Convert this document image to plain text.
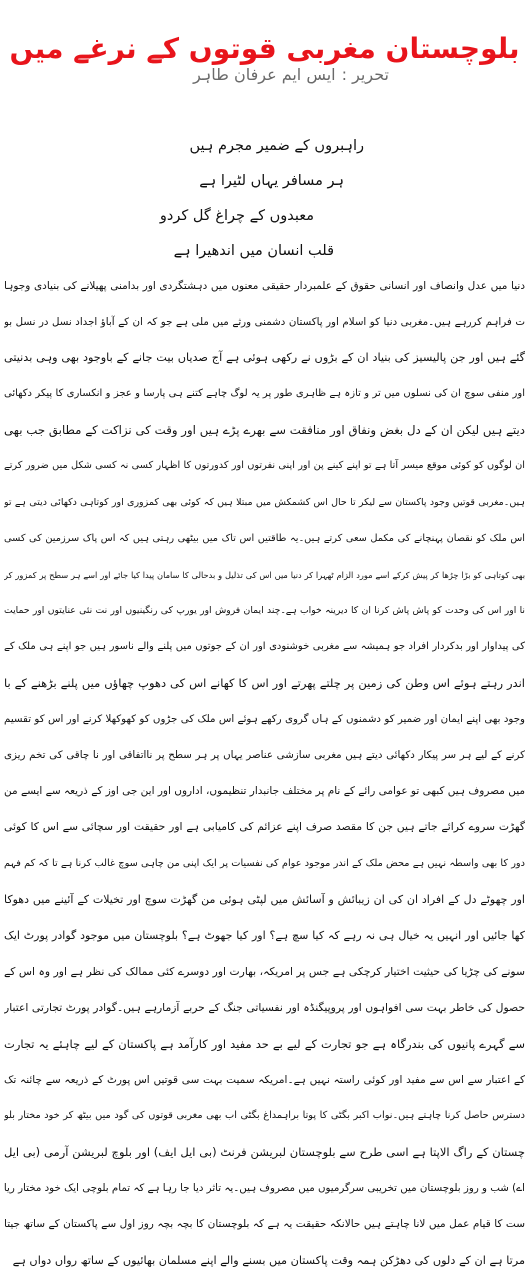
بلوچستان مغربی قوتوں کے نرغے میں
تحریر :ایس ایم عرفان طاہر
راہبروں کے ضمیر مجرم ہیں
ہر مسافر یہاں لٹیرا ہے
معبدوں کے چراغ گل کردو
قلب انسان میں اندھیرا ہے
دنیا میں عدل وانصاف اور انسانی حقوق کے علمبردار حقیقی معنوں میں دہشتگردی اور بدامنی پھیلانے کی بنیادی وجوہا
ت فراہم کررہے ہیں۔مغربی دنیا کو اسلام اور پاکستان دشمنی ورثے میں ملی ہے جو کہ ان کے آباؤ اجداد نسل در نسل بو
گئے ہیں اور جن پالیسیز کی بنیاد ان کے بڑوں نے رکھی ہوئی ہے آج صدیاں بیت جانے کے باوجود بھی وہی بدنیتی
اور منفی سوچ ان کی نسلوں میں تر و تازہ ہے ظاہری طور پر یہ لوگ چاہے کتنے ہی پارسا و عجز و انکساری کا پیکر دکھائی
دیتے ہیں لیکن ان کے دل بغض ونفاق اور منافقت سے بھرے پڑے ہیں اور وقت کی نزاکت کے مطابق جب بھی
ان لوگوں کو کوئی موقع میسر آتا ہے تو اپنے کینے پن اور اپنی نفرتوں اور کدورتوں کا اظہار کسی نہ کسی شکل میں ضرور کرتے
ہیں۔مغربی قوتیں وجود پاکستان سے لیکر تا حال اس کشمکش میں مبتلا ہیں کہ کوئی بھی کمزوری اور کوتاہی دکھائی دیتی ہے تو
اس ملک کو نقصان پہنچانے کی مکمل سعی کرتے ہیں۔یہ طاقتیں اس تاک میں بیٹھی رہتی ہیں کہ اس پاک سرزمین کی کسی
بھی کوتاہی کو بڑا چڑھا کر پیش کرکے اسے مورد الزام ٹھہرا کر دنیا میں اس کی تذلیل و بدحالی کا سامان پیدا کیا جائے اور اسے ہر سطح پر کمزور کر
نا اور اس کی وحدت کو پاش پاش کرنا ان کا دیرینہ خواب ہے۔چند ایمان فروش اور یورپ کی رنگینیوں اور نت نئی عنایتوں اور حمایت
کی پیداوار اور بدکردار افراد جو ہمیشہ سے مغربی خوشنودی اور ان کے جوتوں میں پلنے والے ناسور ہیں جو اپنے ہی ملک کے
اندر رہتے ہوئے اس وطن کی زمین پر چلتے پھرتے اور اس کا کھانے اس کی دھوپ چھاؤں میں پلنے بڑھنے کے با
وجود بھی اپنے ایمان اور ضمیر کو دشمنوں کے ہاں گروی رکھے ہوئے اس ملک کی جڑوں کو کھوکھلا کرنے اور اس کو تقسیم
کرنے کے لیے ہر سر پیکار دکھائی دیتے ہیں مغربی سازشی عناصر یہاں پر ہر سطح پر نااتفاقی اور نا چاقی کی تخم ریزی
میں مصروف ہیں کبھی تو عوامی رائے کے نام پر مختلف جانبدار تنظیموں، اداروں اور این جی اوز کے ذریعہ سے ایسے من
گھڑت سروے کرائے جاتے ہیں جن کا مقصد صرف اپنے عزائم کی کامیابی ہے اور حقیقت اور سچائی سے اس کا کوئی
دور کا بھی واسطہ نہیں ہے محض ملک کے اندر موجود عوام کی نفسیات پر ایک اپنی من چاہی سوچ غالب کرنا ہے تا کہ کم فہم
اور چھوٹے دل کے افراد ان کی ان زیبائش و آسائش میں لپٹی ہوئی من گھڑت سوچ اور تخیلات کے آئینے میں دھوکا
کھا جائیں اور انہیں یہ خیال ہی نہ رہے کہ کیا سچ ہے؟ اور کیا جھوٹ ہے؟ بلوچستان میں موجود گوادر پورٹ ایک
سونے کی چڑیا کی حیثیت اختیار کرچکی ہے جس پر امریکہ، بھارت اور دوسرے کئی ممالک کی نظر ہے اور وہ اس کے
حصول کی خاطر بہت سی افواہوں اور پروپیگنڈہ اور نفسیاتی جنگ کے حربے آزمارہے ہیں۔گوادر پورٹ تجارتی اعتبار
سے گہرے پانیوں کی بندرگاہ ہے جو تجارت کے لیے بے حد مفید اور کارآمد ہے پاکستان کے لیے چاہئے یہ تجارت
کے اعتبار سے اس سے مفید اور کوئی راستہ نہیں ہے۔امریکہ سمیت بہت سی قوتیں اس پورٹ کے ذریعہ سے چائنہ تک
دسترس حاصل کرنا چاہتے ہیں۔نواب اکبر بگٹی کا پوتا براہمداغ بگٹی اب بھی مغربی قوتوں کی گود میں بیٹھ کر خود مختار بلو
چستان کے راگ الاپتا ہے اسی طرح سے بلوچستان لبریشن فرنٹ (بی ایل ایف) اور بلوچ لبریشن آرمی (بی ایل
اے) شب و روز بلوچستان میں تخریبی سرگرمیوں میں مصروف ہیں۔یہ تاثر دیا جا رہا ہے کہ تمام بلوچی ایک خود مختار ریا
ست کا قیام عمل میں لانا چاہتے ہیں حالانکہ حقیقت یہ ہے کہ بلوچستان کا بچہ بچہ روز اول سے پاکستان کے ساتھ جیتا
مرتا ہے ان کے دلوں کی دھڑکن ہمہ وقت پاکستان میں بسنے والے اپنے مسلمان بھائیوں کے ساتھ رواں دواں ہے
